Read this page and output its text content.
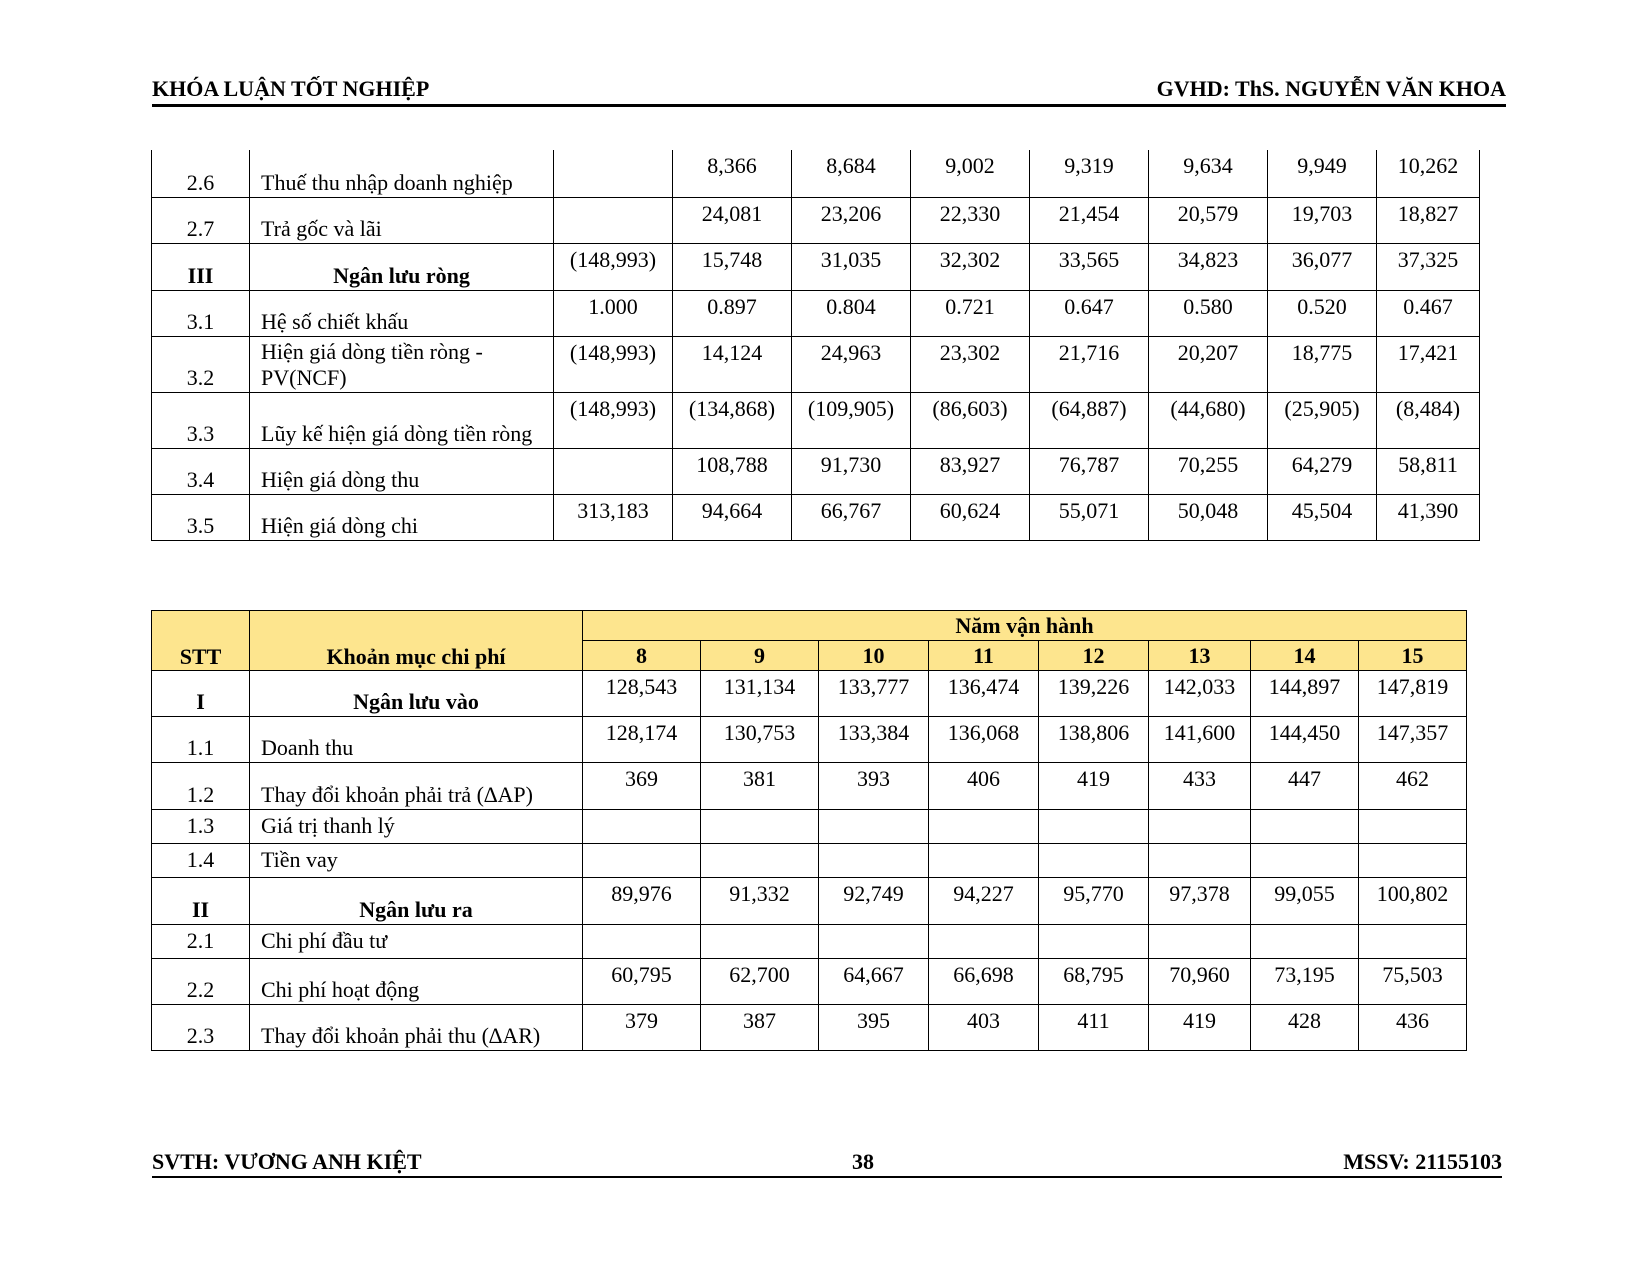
KHÓA LUẬN TỐT NGHIỆP	GVHD: ThS. NGUYỄN VĂN KHOA
2.6	Thuế thu nhập doanh nghiệp		8,366	8,684	9,002	9,319	9,634	9,949	10,262
2.7	Trả gốc và lãi		24,081	23,206	22,330	21,454	20,579	19,703	18,827
III	Ngân lưu ròng	(148,993)	15,748	31,035	32,302	33,565	34,823	36,077	37,325
3.1	Hệ số chiết khấu	1.000	0.897	0.804	0.721	0.647	0.580	0.520	0.467
3.2	Hiện giá dòng tiền ròng - PV(NCF)	(148,993)	14,124	24,963	23,302	21,716	20,207	18,775	17,421
3.3	Lũy kế hiện giá dòng tiền ròng	(148,993)	(134,868)	(109,905)	(86,603)	(64,887)	(44,680)	(25,905)	(8,484)
3.4	Hiện giá dòng thu		108,788	91,730	83,927	76,787	70,255	64,279	58,811
3.5	Hiện giá dòng chi	313,183	94,664	66,767	60,624	55,071	50,048	45,504	41,390
STT	Khoản mục chi phí	Năm vận hành							
		8	9	10	11	12	13	14	15
I	Ngân lưu vào	128,543	131,134	133,777	136,474	139,226	142,033	144,897	147,819
1.1	Doanh thu	128,174	130,753	133,384	136,068	138,806	141,600	144,450	147,357
1.2	Thay đổi khoản phải trả (∆AP)	369	381	393	406	419	433	447	462
1.3	Giá trị thanh lý								
1.4	Tiền vay								
II	Ngân lưu ra	89,976	91,332	92,749	94,227	95,770	97,378	99,055	100,802
2.1	Chi phí đầu tư								
2.2	Chi phí hoạt động	60,795	62,700	64,667	66,698	68,795	70,960	73,195	75,503
2.3	Thay đổi khoản phải thu (∆AR)	379	387	395	403	411	419	428	436
SVTH: VƯƠNG ANH KIỆT	38	MSSV: 21155103
